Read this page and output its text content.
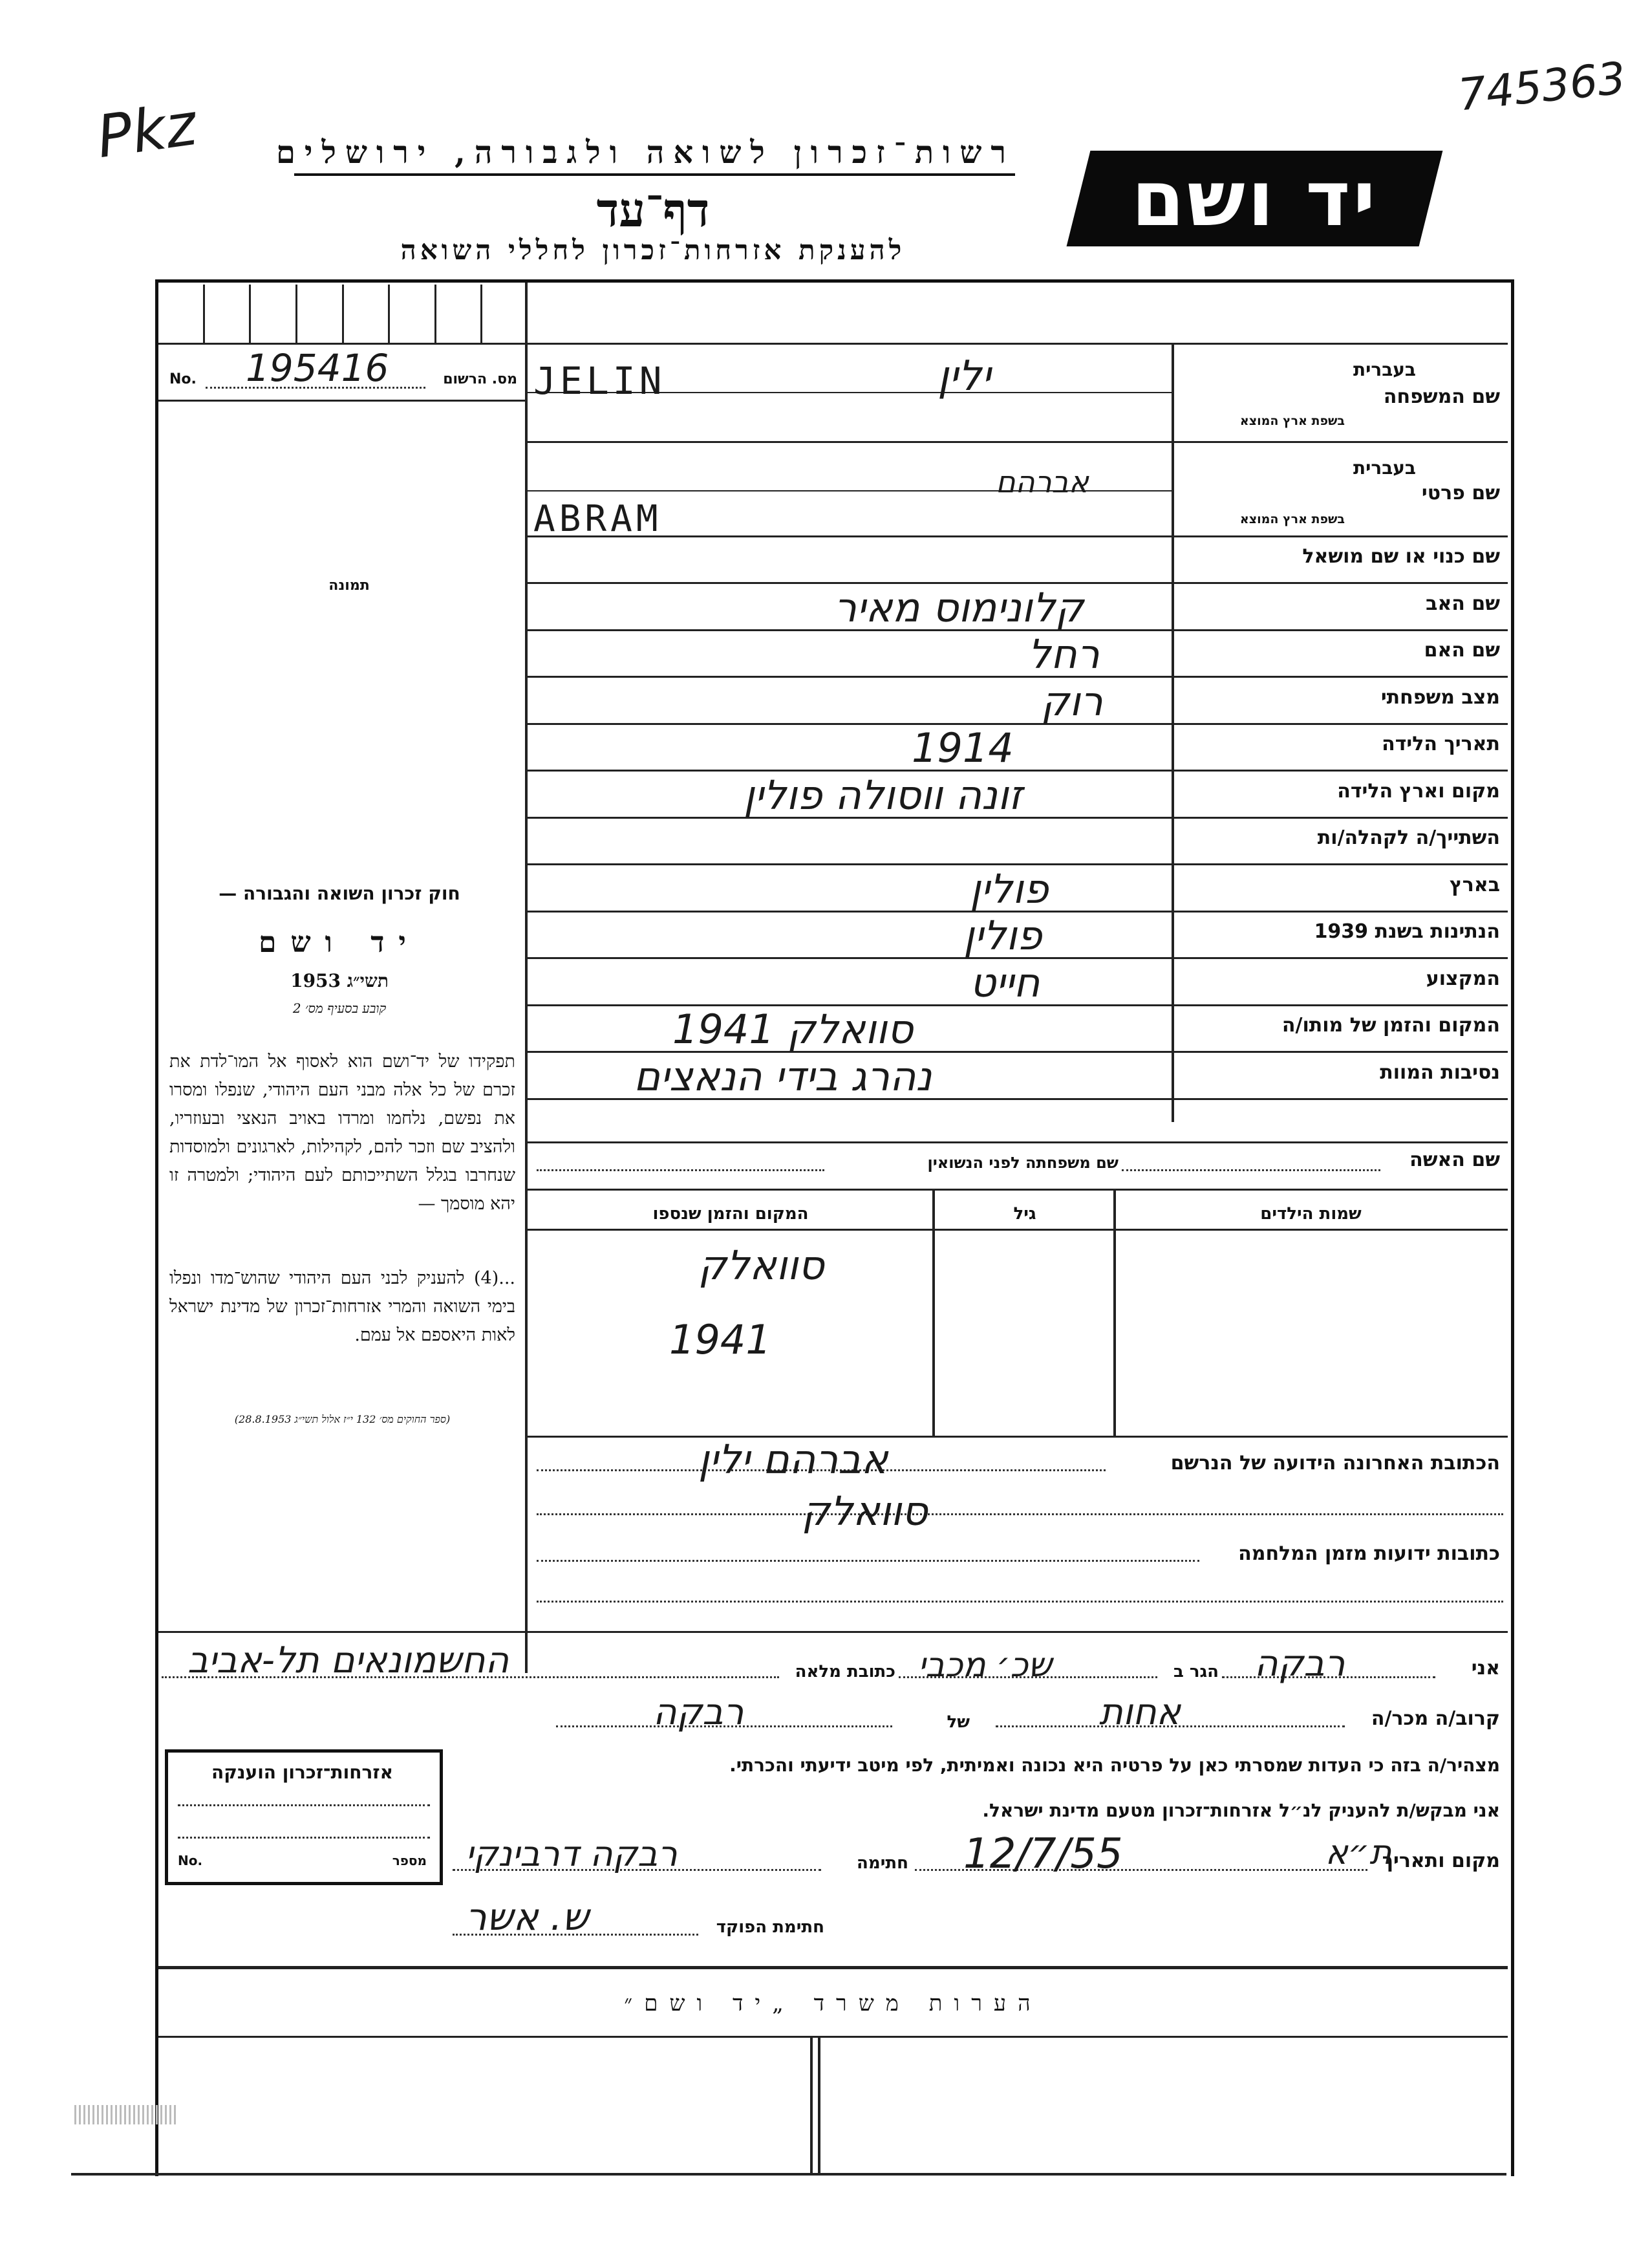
Pkz
745363
רשות־זכרון לשואה ולגבורה, ירושלים
דף־עד
להענקת אזרחות־זכרון לחללי השואה
יד ושם
No. 195416	מס. הרשום
תמונה
חוק זכרון השואה והגבורה —
יד ושם
תשי״ג 1953
קובע בסעיף מס׳ 2
תפקידו של יד־ושם הוא לאסוף אל המו־לדת את זכרם של כל אלה מבני העם היהודי, שנפלו ומסרו את נפשם, נלחמו ומרדו באויב הנאצי ובעוזריו, ולהציב שם וזכר להם, לקהילות, לארגונים ולמוסדות שנחרבו בגלל השתייכותם לעם היהודי; ולמטרה זו יהא מוסמך —
...(4) להעניק לבני העם היהודי שהוש־מדו ונפלו בימי השואה והמרי אזרחות־זכרון של מדינת ישראל לאות היאספם אל עמם.
(ספר החוקים מס׳ 132 י״ז אלול תשי״ג 28.8.1953)
בעברית
בשפת ארץ המוצא
שם המשפחה
ילין
JELIN
בעברית
בשפת ארץ המוצא
שם פרטי
אברהם
ABRAM
שם כנוי או שם מושאל
שם האב
קלונימוס מאיר
שם האם
רחל
מצב משפחתי
רוק
תאריך הלידה
1914
מקום וארץ הלידה
זונה ווסולה פולין
השתייך/ה לקהלה/ות
בארץ
פולין
הנתינות בשנת 1939
פולין
המקצוע
חייט
המקום והזמן של מותו/ה
סוואלק 1941
נסיבות המוות
נהרג בידי הנאצים
שם האשה
שם משפחתה לפני הנשואין
שמות הילדים
גיל
המקום והזמן שנספו
סוואלק
1941
הכתובת האחרונה הידועה של הנרשם
אברהם ילין
סוואלק
כתובות ידועות מזמן המלחמה
אני
רבקה
הגר ב
שכ׳ מכבי
כתובת מלאה
החשמונאים תל-אביב
קרוב/ה מכר/ה
אחות
של
רבקה
מצהיר/ה בזה כי העדות שמסרתי כאן על פרטיה היא נכונה ואמיתית, לפי מיטב ידיעתי והכרתי.
אני מבקש/ת להעניק לנ״ל אזרחות־זכרון מטעם מדינת ישראל.
מקום ותאריך
ת״א
12/7/55
חתימה
רבקה דרבינקי
חתימת הפוקד
ש. אשר
אזרחות־זכרון הוענקה
No.	מספר
הערות משרד „יד ושם״
